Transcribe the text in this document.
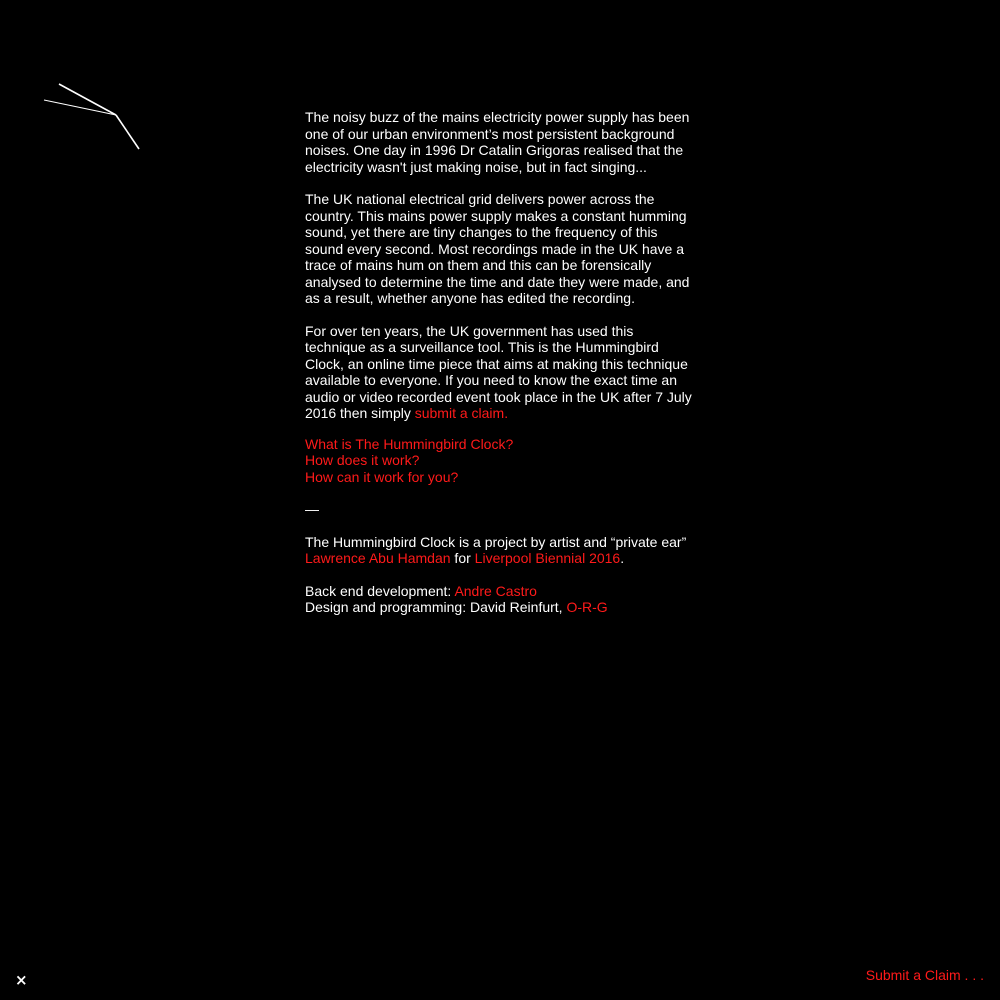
The noisy buzz of the mains electricity power supply has been one of our urban environment’s most persistent background noises. One day in 1996 Dr Catalin Grigoras realised that the electricity wasn't just making noise, but in fact singing...

The UK national electrical grid delivers power across the country. This mains power supply makes a constant humming sound, yet there are tiny changes to the frequency of this sound every second. Most recordings made in the UK have a trace of mains hum on them and this can be forensically analysed to determine the time and date they were made, and as a result, whether anyone has edited the recording.

For over ten years, the UK government has used this technique as a surveillance tool. This is the Hummingbird Clock, an online time piece that aims at making this technique available to everyone. If you need to know the exact time an audio or video recorded event took place in the UK after 7 July 2016 then simply submit a claim.

What is The Hummingbird Clock?
How does it work?
How can it work for you?
—

The Hummingbird Clock is a project by artist and “private ear” Lawrence Abu Hamdan for Liverpool Biennial 2016.

Back end development: Andre Castro
Design and programming: David Reinfurt, O-R-G
×	Submit a Claim . . .
